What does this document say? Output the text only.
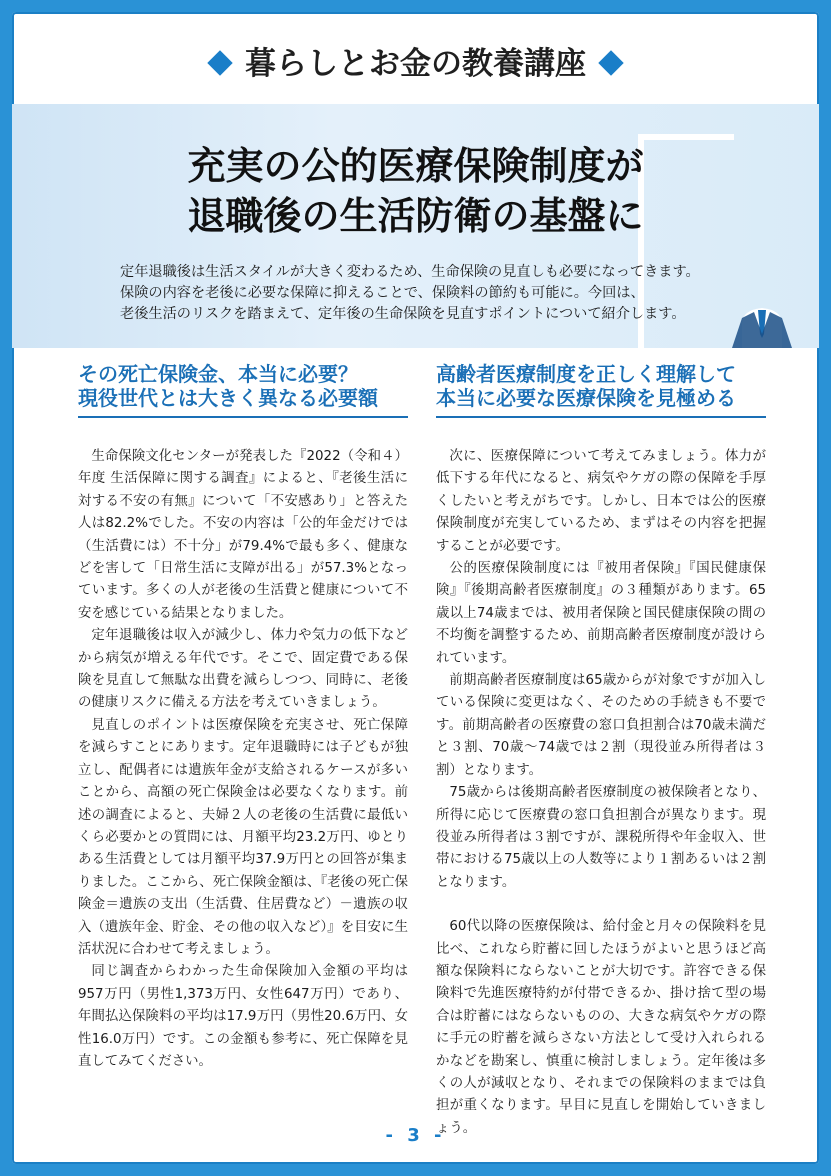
暮らしとお金の教養講座
充実の公的医療保険制度が
退職後の生活防衛の基盤に
定年退職後は生活スタイルが大きく変わるため、生命保険の見直しも必要になってきます。
保険の内容を老後に必要な保障に抑えることで、保険料の節約も可能に。今回は、
老後生活のリスクを踏まえて、定年後の生命保険を見直すポイントについて紹介します。
その死亡保険金、本当に必要？
現役世代とは大きく異なる必要額

生命保険文化センターが発表した『2022（令和４）年度 生活保障に関する調査』によると、『老後生活に対する不安の有無』について「不安感あり」と答えた人は82.2%でした。不安の内容は「公的年金だけでは（生活費には）不十分」が79.4%で最も多く、健康などを害して「日常生活に支障が出る」が57.3%となっています。多くの人が老後の生活費と健康について不安を感じている結果となりました。

定年退職後は収入が減少し、体力や気力の低下などから病気が増える年代です。そこで、固定費である保険を見直して無駄な出費を減らしつつ、同時に、老後の健康リスクに備える方法を考えていきましょう。

見直しのポイントは医療保険を充実させ、死亡保障を減らすことにあります。定年退職時には子どもが独立し、配偶者には遺族年金が支給されるケースが多いことから、高額の死亡保険金は必要なくなります。前述の調査によると、夫婦２人の老後の生活費に最低いくら必要かとの質問には、月額平均23.2万円、ゆとりある生活費としては月額平均37.9万円との回答が集まりました。ここから、死亡保険金額は、『老後の死亡保険金＝遺族の支出（生活費、住居費など）－遺族の収入（遺族年金、貯金、その他の収入など）』を目安に生活状況に合わせて考えましょう。

同じ調査からわかった生命保険加入金額の平均は957万円（男性1,373万円、女性647万円）であり、年間払込保険料の平均は17.9万円（男性20.6万円、女性16.0万円）です。この金額も参考に、死亡保障を見直してみてください。

高齢者医療制度を正しく理解して
本当に必要な医療保険を見極める

次に、医療保障について考えてみましょう。体力が低下する年代になると、病気やケガの際の保障を手厚くしたいと考えがちです。しかし、日本では公的医療保険制度が充実しているため、まずはその内容を把握することが必要です。

公的医療保険制度には『被用者保険』『国民健康保険』『後期高齢者医療制度』の３種類があります。65歳以上74歳までは、被用者保険と国民健康保険の間の不均衡を調整するため、前期高齢者医療制度が設けられています。

前期高齢者医療制度は65歳からが対象ですが加入している保険に変更はなく、そのための手続きも不要です。前期高齢者の医療費の窓口負担割合は70歳未満だと３割、70歳～74歳では２割（現役並み所得者は３割）となります。

75歳からは後期高齢者医療制度の被保険者となり、所得に応じて医療費の窓口負担割合が異なります。現役並み所得者は３割ですが、課税所得や年金収入、世帯における75歳以上の人数等により１割あるいは２割となります。

60代以降の医療保険は、給付金と月々の保険料を見比べ、これなら貯蓄に回したほうがよいと思うほど高額な保険料にならないことが大切です。許容できる保険料で先進医療特約が付帯できるか、掛け捨て型の場合は貯蓄にはならないものの、大きな病気やケガの際に手元の貯蓄を減らさない方法として受け入れられるかなどを勘案し、慎重に検討しましょう。定年後は多くの人が減収となり、それまでの保険料のままでは負担が重くなります。早目に見直しを開始していきましょう。

- 3 -
